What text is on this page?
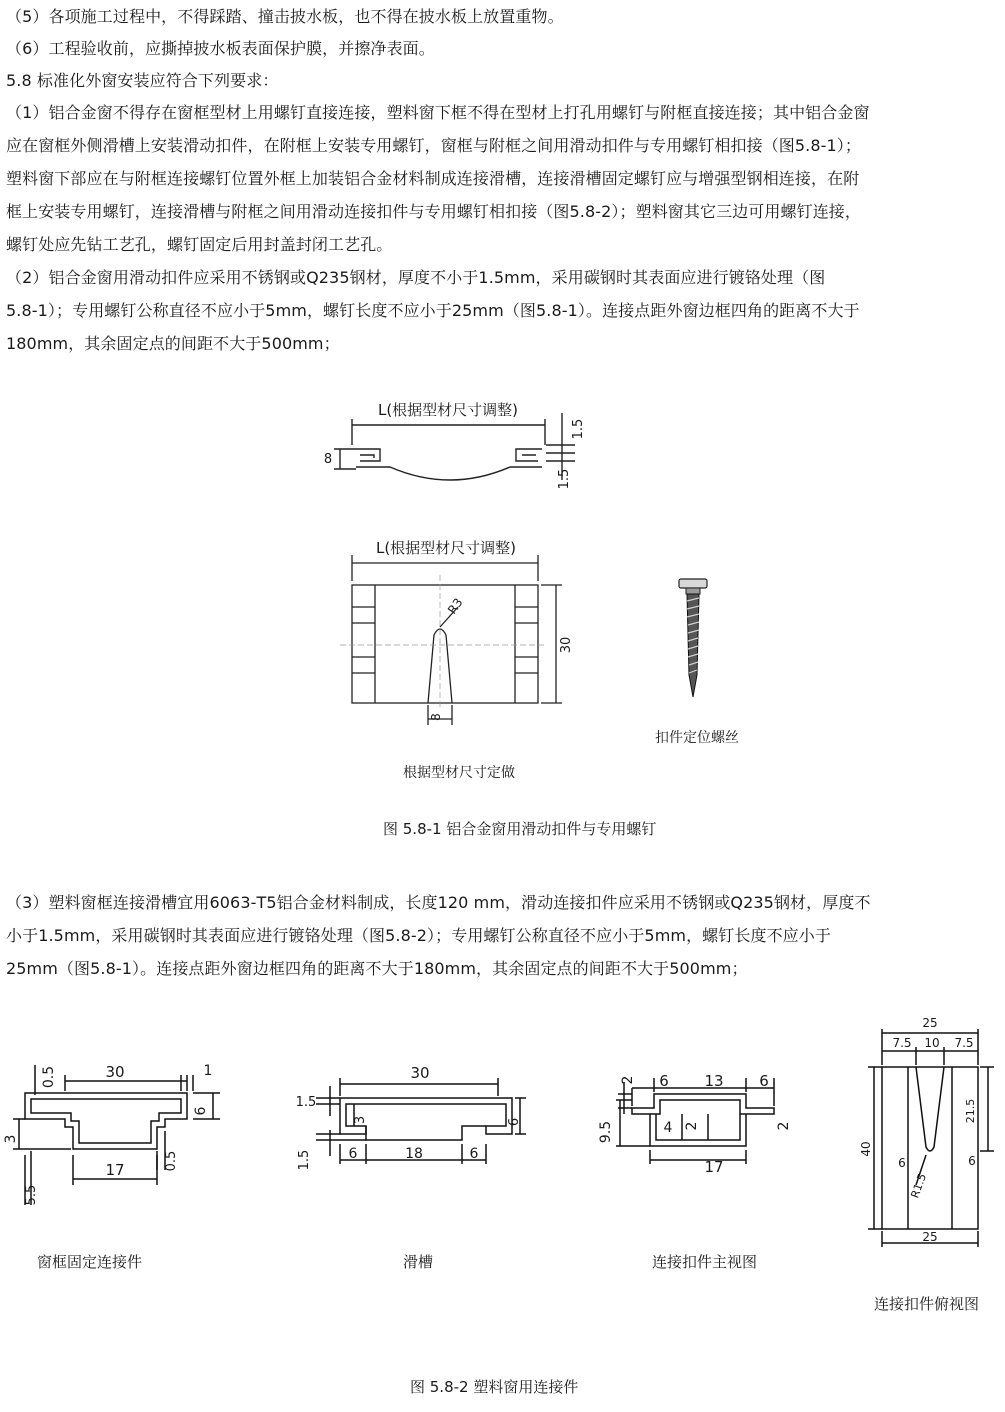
（5）各项施工过程中，不得踩踏、撞击披水板，也不得在披水板上放置重物。
（6）工程验收前，应撕掉披水板表面保护膜，并擦净表面。
5.8 标准化外窗安装应符合下列要求：
（1）铝合金窗不得存在窗框型材上用螺钉直接连接，塑料窗下框不得在型材上打孔用螺钉与附框直接连接；其中铝合金窗
应在窗框外侧滑槽上安装滑动扣件，在附框上安装专用螺钉，窗框与附框之间用滑动扣件与专用螺钉相扣接（图5.8-1）；
塑料窗下部应在与附框连接螺钉位置外框上加装铝合金材料制成连接滑槽，连接滑槽固定螺钉应与增强型钢相连接，在附
框上安装专用螺钉，连接滑槽与附框之间用滑动连接扣件与专用螺钉相扣接（图5.8-2）；塑料窗其它三边可用螺钉连接，
螺钉处应先钻工艺孔，螺钉固定后用封盖封闭工艺孔。
（2）铝合金窗用滑动扣件应采用不锈钢或Q235钢材，厚度不小于1.5mm，采用碳钢时其表面应进行镀铬处理（图
5.8-1）；专用螺钉公称直径不应小于5mm，螺钉长度不应小于25mm（图5.8-1）。连接点距外窗边框四角的距离不大于
180mm，其余固定点的间距不大于500mm；
L(根据型材尺寸调整)
8
1.5
1.5
L(根据型材尺寸调整)
30
R3
8
扣件定位螺丝
根据型材尺寸定做
图 5.8-1 铝合金窗用滑动扣件与专用螺钉
（3）塑料窗框连接滑槽宜用6063-T5铝合金材料制成，长度120 mm，滑动连接扣件应采用不锈钢或Q235钢材，厚度不
小于1.5mm，采用碳钢时其表面应进行镀铬处理（图5.8-2）；专用螺钉公称直径不应小于5mm，螺钉长度不应小于
25mm（图5.8-1）。连接点距外窗边框四角的距离不大于180mm，其余固定点的间距不大于500mm；
0.5	30	1
6
3
0.5
17
5.5
窗框固定连接件
30
1.5
3	6
1.5	6	18	6
滑槽
2 6 13 6
9.5	4 2	2
17
连接扣件主视图
25
7.5 10 7.5
40
21.5
6	6
R1.5
25
连接扣件俯视图
图 5.8-2 塑料窗用连接件
